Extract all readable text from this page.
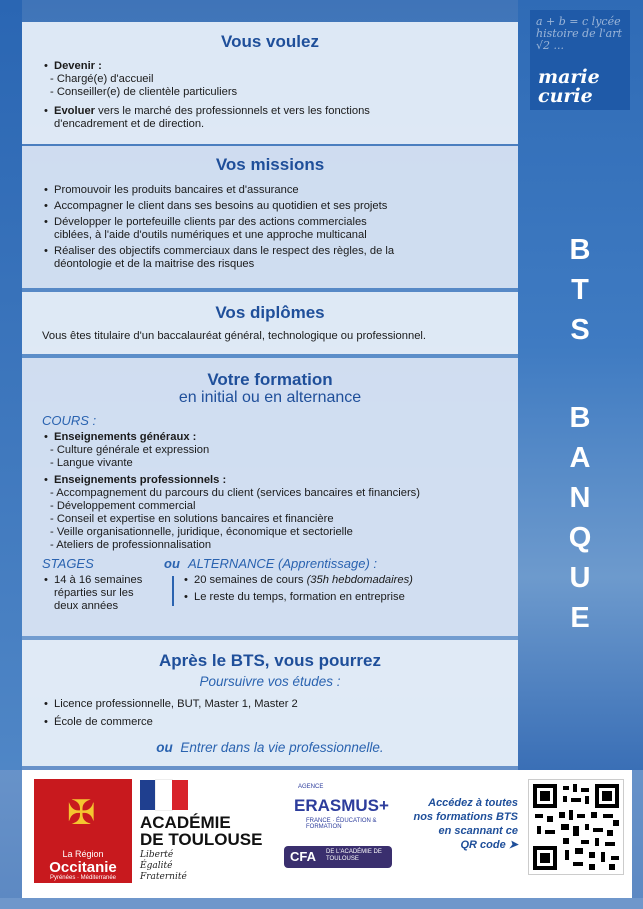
a + b = c lycée histoire de l'art √2 ...
marie
curie
B
T
S
B
A
N
Q
U
E
Vous voulez
• Devenir :
- Chargé(e) d'accueil
- Conseiller(e) de clientèle particuliers
• Evoluer vers le marché des professionnels et vers les fonctions
d'encadrement et de direction.
Vos missions
• Promouvoir les produits bancaires et d'assurance
• Accompagner le client dans ses besoins au quotidien et ses projets
• Développer le portefeuille clients par des actions commerciales
ciblées, à l'aide d'outils numériques et une approche multicanal
• Réaliser des objectifs commerciaux dans le respect des règles, de la
déontologie et de la maitrise des risques
Vos diplômes
Vous êtes titulaire d'un baccalauréat général, technologique ou professionnel.
Votre formation
en initial ou en alternance
COURS :
• Enseignements généraux :
- Culture générale et expression
- Langue vivante
• Enseignements professionnels :
- Accompagnement du parcours du client (services bancaires et financiers)
- Développement commercial
- Conseil et expertise en solutions bancaires et financière
- Veille organisationnelle, juridique, économique et sectorielle
- Ateliers de professionnalisation
STAGES	ou ALTERNANCE (Apprentissage) :
• 14 à 16 semaines
réparties sur les
deux années
• 20 semaines de cours (35h hebdomadaires)
• Le reste du temps, formation en entreprise
Après le BTS, vous pourrez
Poursuivre vos études :
• Licence professionnelle, BUT, Master 1, Master 2
• École de commerce
ou Entrer dans la vie professionnelle.
✠
La Région
Occitanie
Pyrénées · Méditerranée
ACADÉMIE
DE TOULOUSE
Liberté
Égalité
Fraternité
AGENCE
ERASMUS+
FRANCE · ÉDUCATION & FORMATION
CFA DE L'ACADÉMIE DE TOULOUSE
Accédez à toutes
nos formations BTS
en scannant ce
QR code ➤
